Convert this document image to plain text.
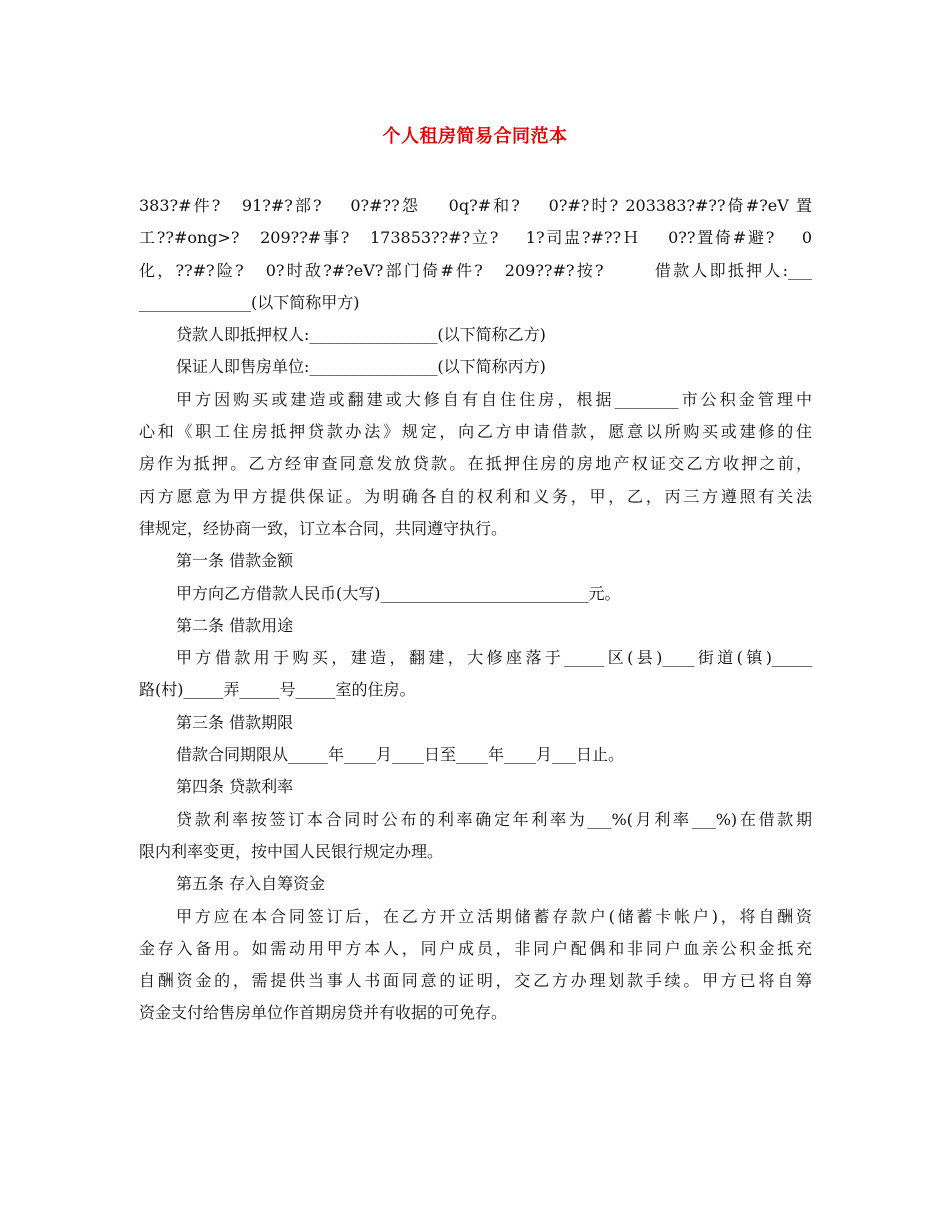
个人租房简易合同范本
383?#件?   91?#?部?    0?#??怨    0q?#和?    0?#?时? 203383?#??倚#?eV 置
工??#ong>?   209??#事?   173853??#?立?    1?司盅?#??Ｈ    0??置倚#避?    0
化，??#?险?   0?时敌?#?eV?部门倚#件?   209??#?按?       借款人即抵押人:___
______________(以下简称甲方)
贷款人即抵押权人:________________(以下简称乙方)
保证人即售房单位:________________(以下简称丙方)
甲方因购买或建造或翻建或大修自有自住住房，根据________市公积金管理中
心和《职工住房抵押贷款办法》规定，向乙方申请借款，愿意以所购买或建修的住
房作为抵押。乙方经审查同意发放贷款。在抵押住房的房地产权证交乙方收押之前，
丙方愿意为甲方提供保证。为明确各自的权利和义务，甲，乙，丙三方遵照有关法
律规定，经协商一致，订立本合同，共同遵守执行。
第一条 借款金额
甲方向乙方借款人民币(大写)__________________________元。
第二条 借款用途
甲方借款用于购买，建造，翻建，大修座落于_____区(县)____街道(镇)_____
路(村)_____弄_____号_____室的住房。
第三条 借款期限
借款合同期限从_____年____月____日至____年____月___日止。
第四条 贷款利率
贷款利率按签订本合同时公布的利率确定年利率为___%(月利率___%)在借款期
限内利率变更，按中国人民银行规定办理。
第五条 存入自筹资金
甲方应在本合同签订后，在乙方开立活期储蓄存款户(储蓄卡帐户)，将自酬资
金存入备用。如需动用甲方本人，同户成员，非同户配偶和非同户血亲公积金抵充
自酬资金的，需提供当事人书面同意的证明，交乙方办理划款手续。甲方已将自筹
资金支付给售房单位作首期房贷并有收据的可免存。
